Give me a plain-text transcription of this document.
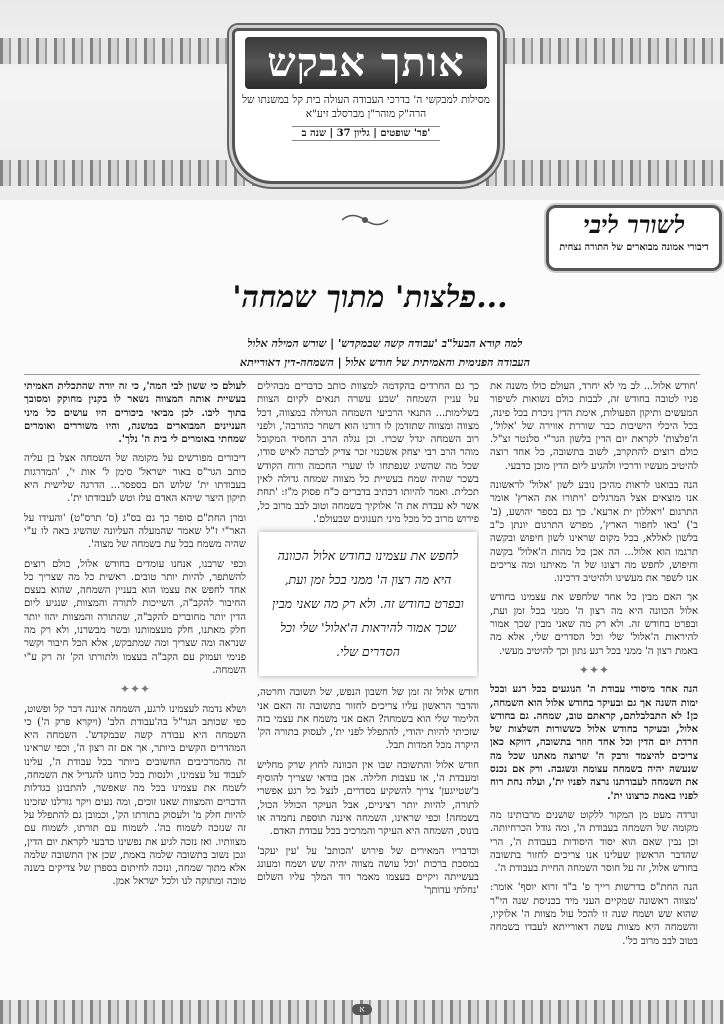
אותך אבקש
מסילות למבקשי ה' בדרכי העבודה העולה בית קל במשנתו של הרה"ק מוהר"ן מברסלב זיע"א
פר' שופטים | גליון 37 | שנה ב'
לשורר ליבי
דיבורי אמונה מבוארים של התורה נצחית
'פלצות' מתוך שמחה...
למה קורא הבעל"ב 'עבודה קשה שבמקדש' | שורש המילה אלול
העבודה הפנימית והאמיתית של חודש אלול | השמחה-דין דאורייתא

'חודש אלול... לב מי לא יחרד, העולם כולו משנה את פניו לטובה בחודש זה, לבבות כולם נשואות לשיפור המעשים ותיקון הפעולות, אימת הדין ניכרת בכל פינה, בכל היכלי הישיבות כבר שוררת אווירה של 'אלול', ה'פלצות' לקראת יום הדין בלשון הגר"י סלנטר זצ"ל. כולם רוצים להתקרב, לשוב בתשובה, כל אחד רוצה להיטיב מעשיו ודרכיו ולהגיע ליום הדין מוכן כדבעי.

הנה בבואנו לראות מהיכן נובע לשון 'אלול' לראשונה אנו מוצאים אצל המרגלים 'ויתורו את הארץ' אומר התרגום 'ויאללון ית ארעא'. כך גם בספר יהושע, (ב' ב') 'באו לחפור הארץ', מפרש התרגום יונתן כ"ב בלשון לאללא, בכל מקום שראינו לשון חיפוש ובקשה תרגמו הוא אלול... הה אכן כל מהות ה'אלול' בקשה וחיפוש, לחפש מה רצונו של ה' מאיתנו ומה צריכים אנו לשפר את מעשינו ולהיטיב דרכינו.

אך האם מבין כל אחד שלחפש את עצמינו בחודש אלול הכוונה היא מה רצון ה' ממני בכל זמן ועת, ובפרט בחודש זה. ולא רק מה שאני מבין שכך אמור להיראות ה'אלול' שלי וכל הסדרים שלי, אלא מה באמת רצון ה' ממני בכל רגע נתון וכך להיטיב מעשי.

✦✦✦

הנה אחד מיסודי עבודת ה' הנוגעים בכל רגע ובכל ימות השנה אך גם ובעיקר בחודש אלול הוא השמחה, כן! לא התבלבלתם, קראתם טוב, שמחה. גם בחודש אלול, ובעיקר בחודש אלול כששורות השלצות של חרדת יום הדין וכל אחד חוזר בתשובה, דווקא כאן צריכים להיצמד ורבק ה' שרוצה מאתנו שכל מה שנעשה יהיה בשמחה עצומה ונשגבה. ורק אם נכנס את השמחה לעבודתנו נרצה לפניו ית', ועלה נחת רוח לפניו באמת כרצונו ית'.

ונרדה מעט מן המקור ללקוט שושנים מרבותינו מה מקומה של השמחה בעבודת ה', ומה גודל הכרחיותה. וכן נבין שאם הוא יסוד היסודות בעבודת ה', הרי שהדבר הראשון שעלינו אנו צריכים לחזור בתשובה בחודש אלול, זה על חוסר השמחה החיית בעבודת ה'.

הנה החת"ס בדרשות רייך פ' ב"ד זרוא יוסף' אומר: 'מצווה ראשונה שמקיים העני מיד בכניסת שנה הי"ר שהוא שש ושמח שנה זו להכל עול מצוות ה' אלוקיו, והשמחה היא מצוות עשה דאורייתא לעבדו בשמחה בטוב לבב מרוב כל'.

כך גם החרדים בהקדמה למצוות כותב כדברים מבהילים על עניין השמחה 'שבע עשרה תנאים לקיום הצוות בשלימות... התנאי הרביעי השמחה הגדולה במצווה, דכל מצווה ומצווה שתזדמן לו דורנו הוא דשחר כהורבה', ולפני רוב השמחה יגדל שכרו. וכן נגלה הרב החסיד המקובל מוהר הרב רבי יצחק אשכנזי זכר צדיק לברכה לאיש סודו, שכל מה שהשיג שנפתחו לו שערי החכמה ורוח הקודש בשכר שהיה שמח בעשיית כל מצווה שמחה גדולה לאין תכלית. ואמר להיותו דכתיב בדברים כ"ח פסוק מ"ז: 'תחת אשר לא עבדת את ה' אלוקיך בשמחה וטוב לבב מרוב כל, פירוש מרוב כל מכל מיני תענוגים שבעולם'.

לחפש את עצמינו בחודש אלול הכוונה היא מה רצון ה' ממני בכל זמן ועת, ובפרט בחודש זה. ולא רק מה שאני מבין שכך אמור להיראות ה'אלול' שלי וכל הסדרים שלי.

חודש אלול זה זמן של חשבון הנפש, של תשובה וחרטה, והדבר הראשון עליו צריכים לחזור בתשובה זה האם אני הלימוד שלי הוא בשמחה? האם אני משמח את עצמי בזה שזכיתי להיות יהודי, להתפלל לפני ית', לעסוק בתורה הק' היקרה מכל חמדות תבל.

חודש אלול והתשובה שבו אין הכוונה לחוץ שרק מחליש ומעבדת ה', או עצבות חלילה. אכן בודאי שצריך להוסיף ב'שטייגען' צריך להשקיע בסדרים, לנצל כל רגע אפשרי לתורה, להיות יותר רציניים, אבל העיקר הכולל הכול, בשמחה! וכפי שראינו, השמחה איננה תוספת נחמדה או בונוס, השמחה היא העיקר והמרכיב בכל עבודת האדם.

וכדבריו המאירים של פירוש 'הכותב' על 'עין יעקב' במסכת ברכות 'וכל עושה מצווה יהיה שש ושמח ומעונג בעשייתה ויקיים בעצמו מאמר דוד המלך עליו השלום 'נחלתי עדותך'

לעולם כי ששון לבי המה', כי זה יורה שהתכלית האמיתי בעשיית אותה המצווה נשאר לו בקנין מחוקק ומסובך בתוך ליבו. לכן מביאי ביכורים היו עושים כל מיני העניינים המבוארים במשנה, והיו משוררים ואומרים שמחתי באומרים לי בית ה' נלך'.

דיבורים מפורשים על מקומה של השמחה אצל בן עליה כותב הגר"ס באור ישראל' סימן ל' אות י', 'המדרגות בעבודתו ית' שלוש הם בספסר... הדרגה שלישית היא תיקון היצר שיהא האדם עלז וטש לעבודתו ית'.

ומרן החת"ם סופר כך גם בס"ג (ס' תרס"ט) 'והעידו על האר"י ז"ל שאמר שהמעלה העליונה שהשיג באה לו ע"י שהיה משמח בכל עת בשמחה של מצוה'.

וכפי שרבנו, אנחנו עומדים בחודש אלול, כולם רוצים להשתפר, להיות יותר טובים. ראשית כל מה שצריך כל אחד לחפש את עצמו הוא בעניין השמחה, שהוא בעצם החיבור להקב"ה, השייכות לתורה והמצוות, שנגיע ליום הדין יותר מחוברים להקב"ה, שהתורה והמצוות יהוו יותר חלק מאתנו, חלק מעצמותנו ובשר מבשרנו, ולא רק מה שנראה ומה שצריך ומה שמתבקש, אלא הכל חיבור וקשר פנימי ועמוק עם הקב"ה בעצמו ולתורתו הק' זה רק ע"י השמחה.

✦✦✦

ושלא נדמה לעצמינו לרגע, השמחה איננה דבר קל ופשוט, כפי שכותב הגר"ל בה'עבודת הלב' (ויקרא פרק ה') כי השמחה היא עבודה קשה שבמקדש'. השמחה היא המהדרים הקשים ביותר, אך אם זה רצון ה', וכפי שראינו זה מהמרכיבים החשובים ביותר בכל עבודת ה', עלינו לעבוד על עצמינו, ולנסות בכל כוחנו להגדיל את השמחה, לשמח את עצמינו בכל מה שאפשר, להתבונן בגדלות הדברים והמצוות שאנו זוכים, ומה נעים ויקר גורלנו שזכינו להיות חלק מ' ולעסוק בתורתו הק', וכמובן גם להתפלל על זה שנזכה לשמוח בה'. לשמוח עם תורתו, לשמוח עם מצוותיו. ואז נזכה לגיע את נפשינו כדבעי לקראת יום הדין, ונכן נשוב בתשובה שלמה באמת, שכן אין התשובה שלמה אלא מתוך שמחה, ונזכה לחיתום בספרן של צדיקים בשנה טובה ומתוקה לנו ולכל ישראל אמן.

א
